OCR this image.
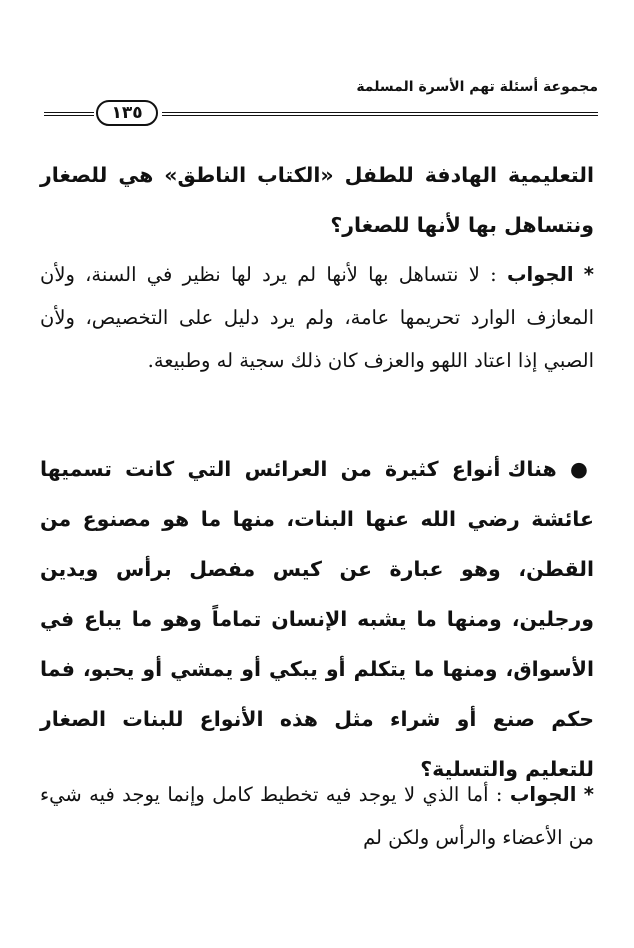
مجموعة أسئلة تهم الأسرة المسلمة
١٣٥
التعليمية الهادفة للطفل «الكتاب الناطق» هي للصغار ونتساهل بها لأنها للصغار؟
* الجواب : لا نتساهل بها لأنها لم يرد لها نظير في السنة، ولأن المعازف الوارد تحريمها عامة، ولم يرد دليل على التخصيص، ولأن الصبي إذا اعتاد اللهو والعزف كان ذلك سجية له وطبيعة.
● هناك أنواع كثيرة من العرائس التي كانت تسميها عائشة رضي الله عنها البنات، منها ما هو مصنوع من القطن، وهو عبارة عن كيس مفصل برأس ويدين ورجلين، ومنها ما يشبه الإنسان تماماً وهو ما يباع في الأسواق، ومنها ما يتكلم أو يبكي أو يمشي أو يحبو، فما حكم صنع أو شراء مثل هذه الأنواع للبنات الصغار للتعليم والتسلية؟
* الجواب : أما الذي لا يوجد فيه تخطيط كامل وإنما يوجد فيه شيء من الأعضاء والرأس ولكن لم
